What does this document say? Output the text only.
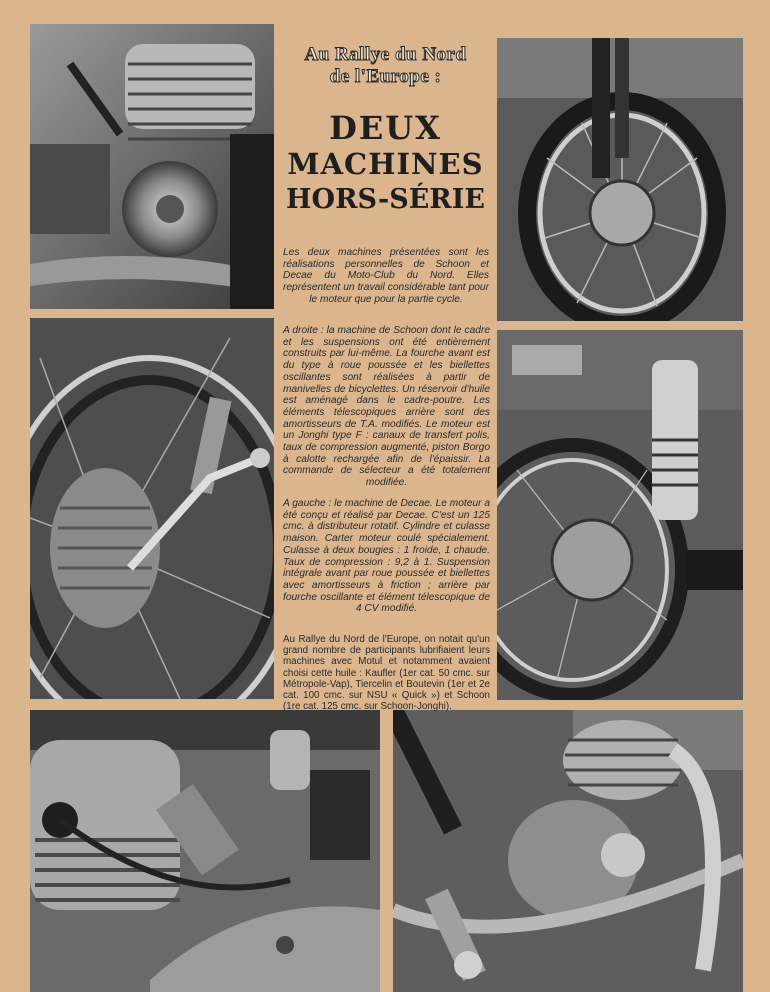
Au Rallye du Nord
de l'Europe :
DEUX
MACHINES
HORS-SÉRIE
Les deux machines présentées sont les réalisations personnelles de Schoon et Decae du Moto-Club du Nord. Elles représentent un travail considérable tant pour le moteur que pour la partie cycle.
A droite : la machine de Schoon dont le cadre et les suspensions ont été entièrement construits par lui-même. La fourche avant est du type à roue poussée et les biellettes oscillantes sont réalisées à partir de manivelles de bicyclettes. Un réservoir d'huile est aménagé dans le cadre-poutre. Les éléments télescopiques arrière sont des amortisseurs de T.A. modifiés. Le moteur est un Jonghi type F : canaux de transfert polis, taux de compression augmenté, piston Borgo à calotte rechargée afin de l'épaissir. La commande de sélecteur a été totalement modifiée.
A gauche : le machine de Decae. Le moteur a été conçu et réalisé par Decae. C'est un 125 cmc. à distributeur rotatif. Cylindre et culasse maison. Carter moteur coulé spécialement. Culasse à deux bougies : 1 froide, 1 chaude. Taux de compression : 9,2 à 1. Suspension intégrale avant par roue poussée et biellettes avec amortisseurs à friction ; arrière par fourche oscillante et élément télescopique de 4 CV modifié.
Au Rallye du Nord de l'Europe, on notait qu'un grand nombre de participants lubrifiaient leurs machines avec Motul et notamment avaient choisi cette huile : Kaufler (1er cat. 50 cmc. sur Métropole-Vap), Tiercelin et Boutevin (1er et 2e cat. 100 cmc. sur NSU « Quick ») et Schoon (1re cat. 125 cmc. sur Schoon-Jonghi).
